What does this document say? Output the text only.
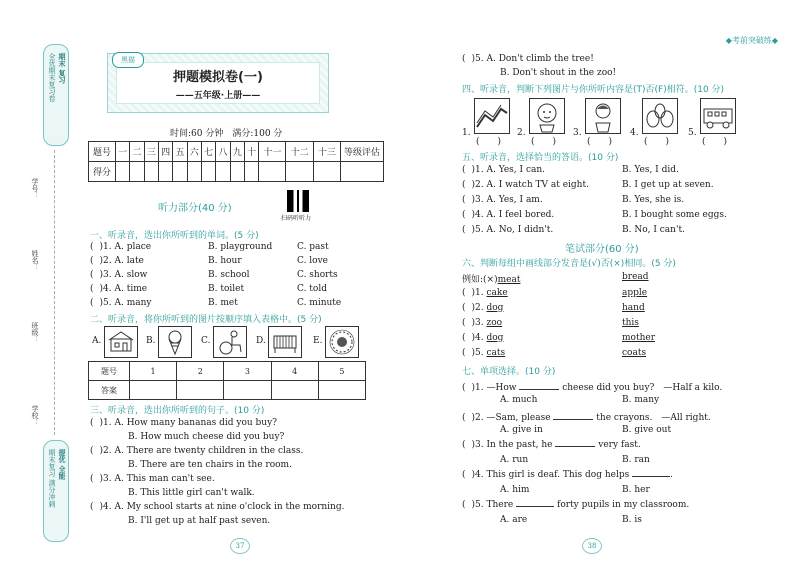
全优期末复习卷 期末 复习
学号：
姓名：
班级：
学校：
期末复习 满分冲刺 提优 全能
黑猫
押题模拟卷(一)
——五年级·上册——
时间:60 分钟　满分:100 分
◆考前突破练◆
题号	一	二	三	四	五	六	七	八	九	十	十一	十二	十三	等级评估
得分														
听力部分(40 分)
扫码听听力
一、听录音，选出你所听到的单词。(5 分)
( )1. A. place	B. playground	C. past
( )2. A. late	B. hour	C. love
( )3. A. slow	B. school	C. shorts
( )4. A. time	B. toilet	C. told
( )5. A. many	B. met	C. minute
二、听录音，将你所听到的图片按顺序填入表格中。(5 分)
A.	B.	C.	D.	E.
题号	1	2	3	4	5
答案					
三、听录音，选出你所听到的句子。(10 分)
( )1. A. How many bananas did you buy?
B. How much cheese did you buy?
( )2. A. There are twenty children in the class.
B. There are ten chairs in the room.
( )3. A. This man can't see.
B. This little girl can't walk.
( )4. A. My school starts at nine o'clock in the morning.
B. I'll get up at half past seven.
37
( )5. A. Don't climb the tree!
B. Don't shout in the zoo!
四、听录音，判断下列图片与你所听内容是(T)否(F)相符。(10 分)
1.	2.	3.	4.	5.
(　　)	(　　)	(　　)	(　　)	(　　)
五、听录音，选择恰当的答语。(10 分)
( )1. A. Yes, I can.	B. Yes, I did.
( )2. A. I watch TV at eight.	B. I get up at seven.
( )3. A. Yes, I am.	B. Yes, she is.
( )4. A. I feel bored.	B. I bought some eggs.
( )5. A. No, I didn't.	B. No, I can't.
笔试部分(60 分)
六、判断每组中画线部分发音是(√)否(×)相同。(5 分)
例如:(×)meat	bread
( )1. cake	apple
( )2. dog	hand
( )3. zoo	this
( )4. dog	mother
( )5. cats	coats
七、单项选择。(10 分)
( )1. —How	cheese did you buy?　—Half a kilo.
A. much	B. many
( )2. —Sam, please	the crayons.　—All right.
A. give in	B. give out
( )3. In the past, he	very fast.
A. run	B. ran
( )4. This girl is deaf. This dog helps	.
A. him	B. her
( )5. There	forty pupils in my classroom.
A. are	B. is
38
